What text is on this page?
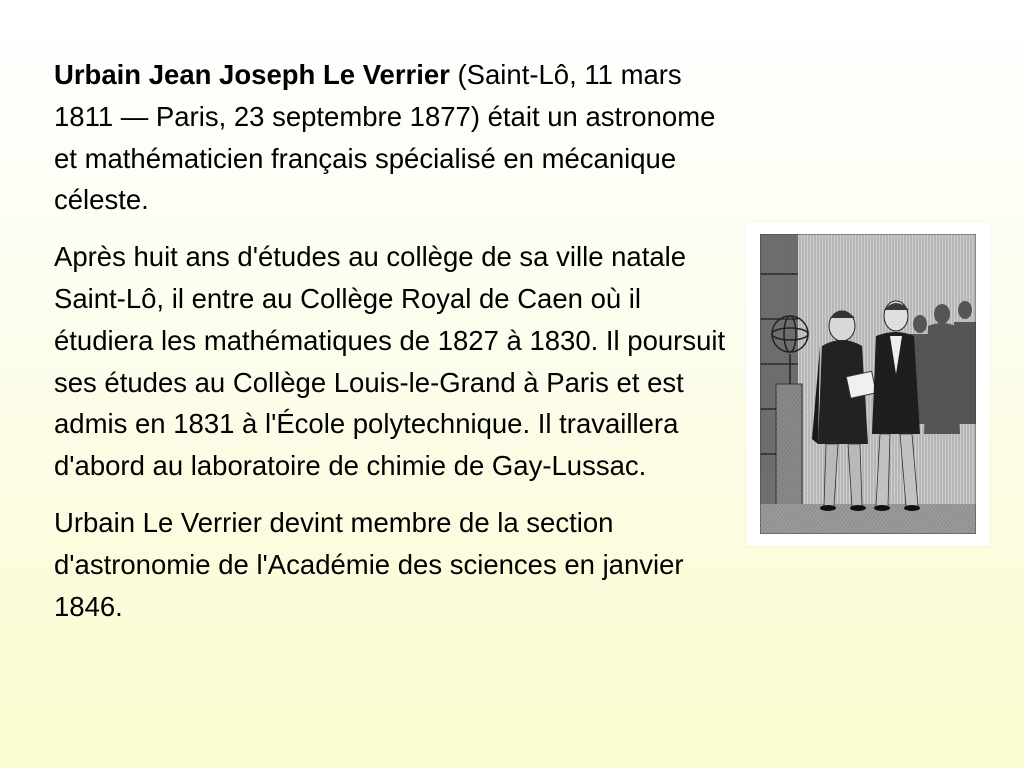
Urbain Jean Joseph Le Verrier (Saint-Lô, 11 mars 1811 — Paris, 23 septembre 1877) était un astronome et mathématicien français spécialisé en mécanique céleste.

Après huit ans d'études au collège de sa ville natale Saint-Lô, il entre au Collège Royal de Caen où il étudiera les mathématiques de 1827 à 1830. Il poursuit ses études au Collège Louis-le-Grand à Paris et est admis en 1831 à l'École polytechnique. Il travaillera d'abord au laboratoire de chimie de Gay-Lussac.

Urbain Le Verrier devint membre de la section d'astronomie de l'Académie des sciences en janvier 1846.
